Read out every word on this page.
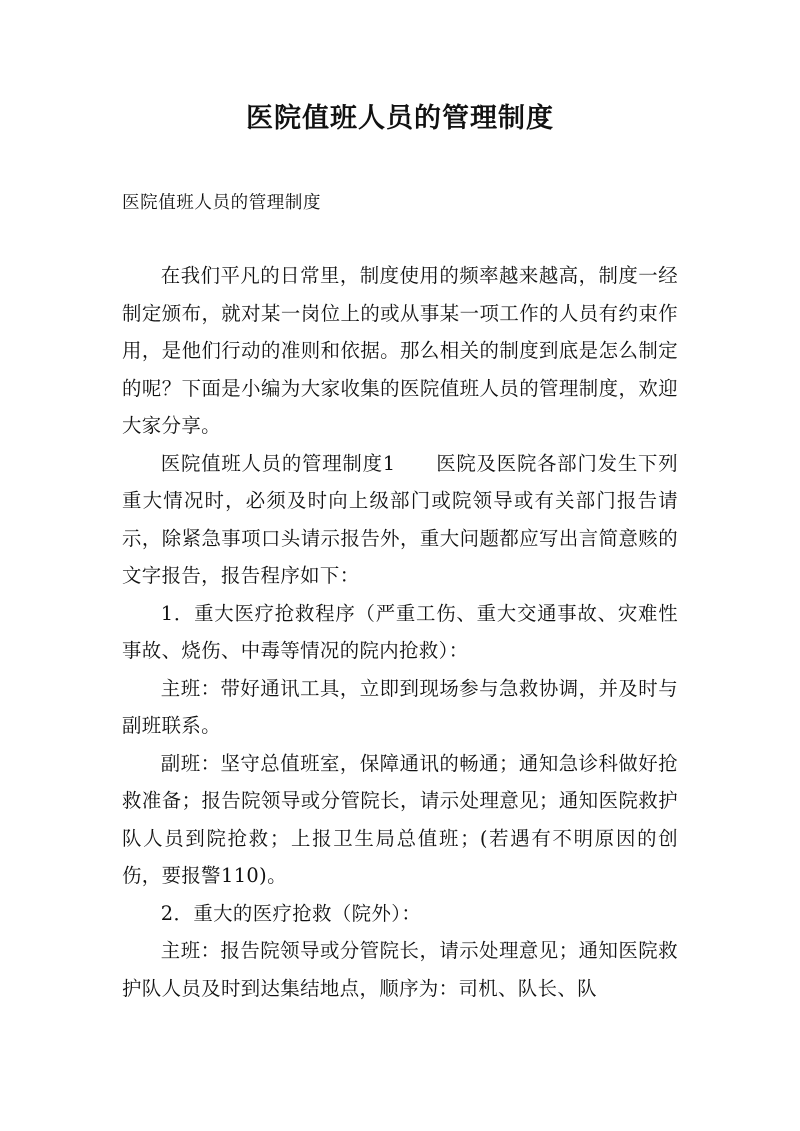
医院值班人员的管理制度

医院值班人员的管理制度

在我们平凡的日常里，制度使用的频率越来越高，制度一经制定颁布，就对某一岗位上的或从事某一项工作的人员有约束作用，是他们行动的准则和依据。那么相关的制度到底是怎么制定的呢？下面是小编为大家收集的医院值班人员的管理制度，欢迎大家分享。

医院值班人员的管理制度1　　医院及医院各部门发生下列重大情况时，必须及时向上级部门或院领导或有关部门报告请示，除紧急事项口头请示报告外，重大问题都应写出言简意赅的文字报告，报告程序如下：

1．重大医疗抢救程序（严重工伤、重大交通事故、灾难性事故、烧伤、中毒等情况的院内抢救）：

主班：带好通讯工具，立即到现场参与急救协调，并及时与副班联系。

副班：坚守总值班室，保障通讯的畅通；通知急诊科做好抢救准备；报告院领导或分管院长，请示处理意见；通知医院救护队人员到院抢救；上报卫生局总值班；(若遇有不明原因的创伤，要报警110)。

2．重大的医疗抢救（院外）：

主班：报告院领导或分管院长，请示处理意见；通知医院救护队人员及时到达集结地点，顺序为：司机、队长、队
